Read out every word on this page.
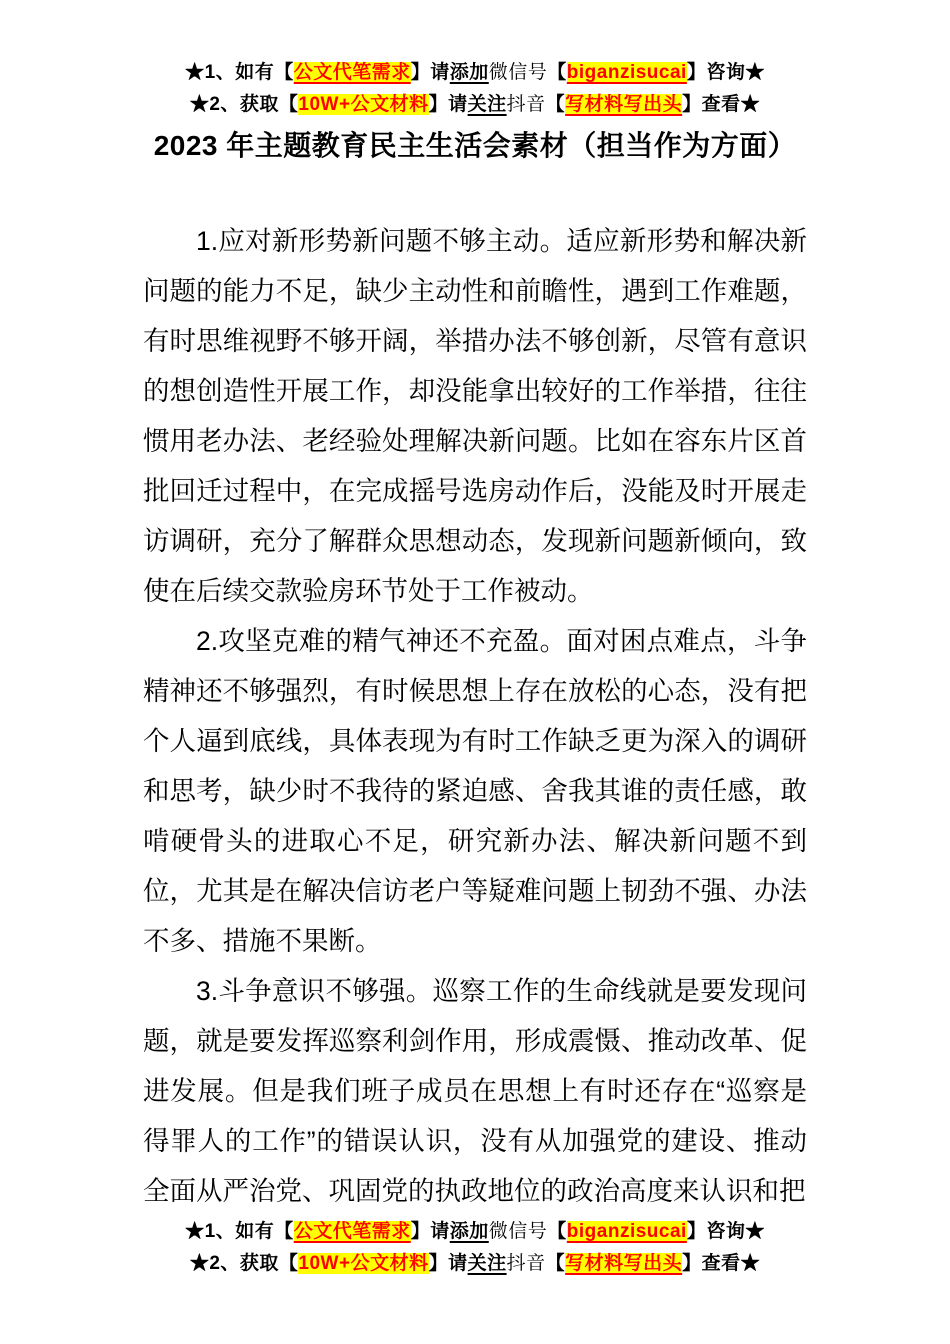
★1、如有【公文代笔需求】请添加微信号【biganzisucai】咨询★
★2、获取【10W+公文材料】请关注抖音【写材料写出头】查看★
2023 年主题教育民主生活会素材（担当作为方面）

1.应对新形势新问题不够主动。适应新形势和解决新问题的能力不足，缺少主动性和前瞻性，遇到工作难题，有时思维视野不够开阔，举措办法不够创新，尽管有意识的想创造性开展工作，却没能拿出较好的工作举措，往往惯用老办法、老经验处理解决新问题。比如在容东片区首批回迁过程中，在完成摇号选房动作后，没能及时开展走访调研，充分了解群众思想动态，发现新问题新倾向，致使在后续交款验房环节处于工作被动。

2.攻坚克难的精气神还不充盈。面对困点难点，斗争精神还不够强烈，有时候思想上存在放松的心态，没有把个人逼到底线，具体表现为有时工作缺乏更为深入的调研和思考，缺少时不我待的紧迫感、舍我其谁的责任感，敢啃硬骨头的进取心不足，研究新办法、解决新问题不到位，尤其是在解决信访老户等疑难问题上韧劲不强、办法不多、措施不果断。

3.斗争意识不够强。巡察工作的生命线就是要发现问题，就是要发挥巡察利剑作用，形成震慑、推动改革、促进发展。但是我们班子成员在思想上有时还存在“巡察是得罪人的工作”的错误认识，没有从加强党的建设、推动全面从严治党、巩固党的执政地位的政治高度来认识和把

★1、如有【公文代笔需求】请添加微信号【biganzisucai】咨询★
★2、获取【10W+公文材料】请关注抖音【写材料写出头】查看★
